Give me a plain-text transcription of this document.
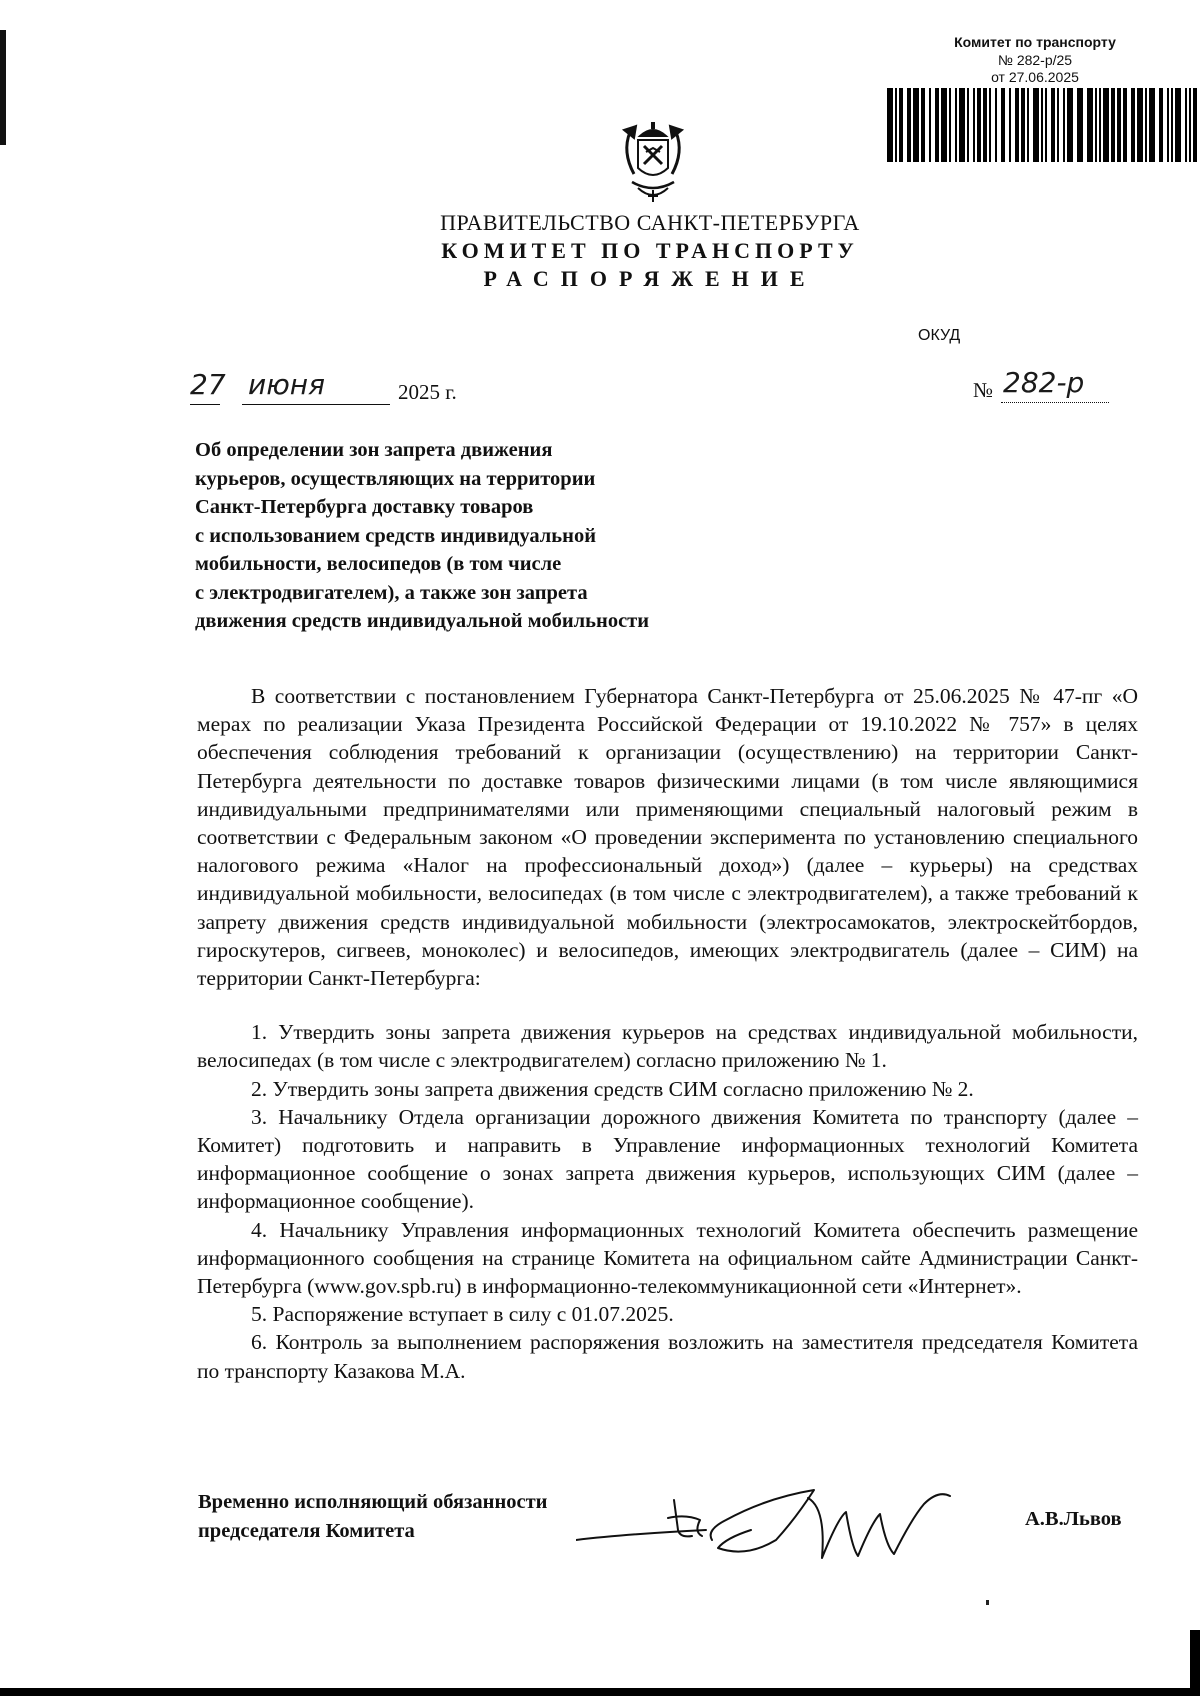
Комитет по транспорту
№ 282-р/25
от 27.06.2025
ПРАВИТЕЛЬСТВО САНКТ-ПЕТЕРБУРГА
КОМИТЕТ ПО ТРАНСПОРТУ
РАСПОРЯЖЕНИЕ
ОКУД
27 июня	2025 г.	№ 282-р
Об определении зон запрета движения
курьеров, осуществляющих на территории
Санкт-Петербурга доставку товаров
с использованием средств индивидуальной
мобильности, велосипедов (в том числе
с электродвигателем), а также зон запрета
движения средств индивидуальной мобильности

В соответствии с постановлением Губернатора Санкт-Петербурга от 25.06.2025 № 47-пг «О мерах по реализации Указа Президента Российской Федерации от 19.10.2022 № 757» в целях обеспечения соблюдения требований к организации (осуществлению) на территории Санкт-Петербурга деятельности по доставке товаров физическими лицами (в том числе являющимися индивидуальными предпринимателями или применяющими специальный налоговый режим в соответствии с Федеральным законом «О проведении эксперимента по установлению специального налогового режима «Налог на профессиональный доход») (далее – курьеры) на средствах индивидуальной мобильности, велосипедах (в том числе с электродвигателем), а также требований к запрету движения средств индивидуальной мобильности (электросамокатов, электроскейтбордов, гироскутеров, сигвеев, моноколес) и велосипедов, имеющих электродвигатель (далее – СИМ) на территории Санкт-Петербурга:

1. Утвердить зоны запрета движения курьеров на средствах индивидуальной мобильности, велосипедах (в том числе с электродвигателем) согласно приложению № 1.

2. Утвердить зоны запрета движения средств СИМ согласно приложению № 2.

3. Начальнику Отдела организации дорожного движения Комитета по транспорту (далее – Комитет) подготовить и направить в Управление информационных технологий Комитета информационное сообщение о зонах запрета движения курьеров, использующих СИМ (далее – информационное сообщение).

4. Начальнику Управления информационных технологий Комитета обеспечить размещение информационного сообщения на странице Комитета на официальном сайте Администрации Санкт-Петербурга (www.gov.spb.ru) в информационно-телекоммуникационной сети «Интернет».

5. Распоряжение вступает в силу с 01.07.2025.

6. Контроль за выполнением распоряжения возложить на заместителя председателя Комитета по транспорту Казакова М.А.

Временно исполняющий обязанности
председателя Комитета
А.В.Львов
